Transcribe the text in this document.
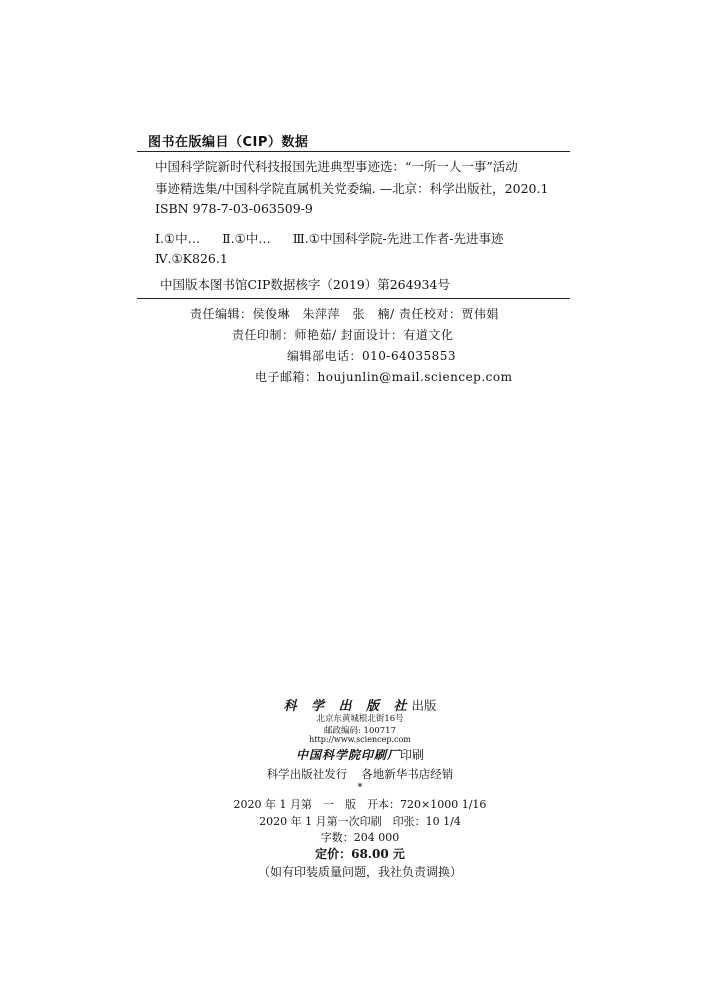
图书在版编目（CIP）数据
中国科学院新时代科技报国先进典型事迹选：“一所一人一事”活动
事迹精选集/中国科学院直属机关党委编. —北京：科学出版社，2020.1
ISBN 978-7-03-063509-9
Ⅰ.①中… Ⅱ.①中… Ⅲ.①中国科学院-先进工作者-先进事迹
Ⅳ.①K826.1
中国版本图书馆CIP数据核字（2019）第264934号
责任编辑：侯俊琳　朱萍萍　张　楠/ 责任校对：贾伟娟
责任印制：师艳茹/ 封面设计：有道文化
编辑部电话：010-64035853
电子邮箱：houjunlin@mail.sciencep.com
科 学 出 版 社出版
北京东黄城根北街16号
邮政编码: 100717
http://www.sciencep.com
中国科学院印刷厂印刷
科学出版社发行 各地新华书店经销
*
2020 年 1 月第　一　版　开本：720×1000 1/16
2020 年 1 月第一次印刷　印张：10 1/4
字数：204 000
定价：68.00 元
（如有印装质量问题，我社负责调换）
